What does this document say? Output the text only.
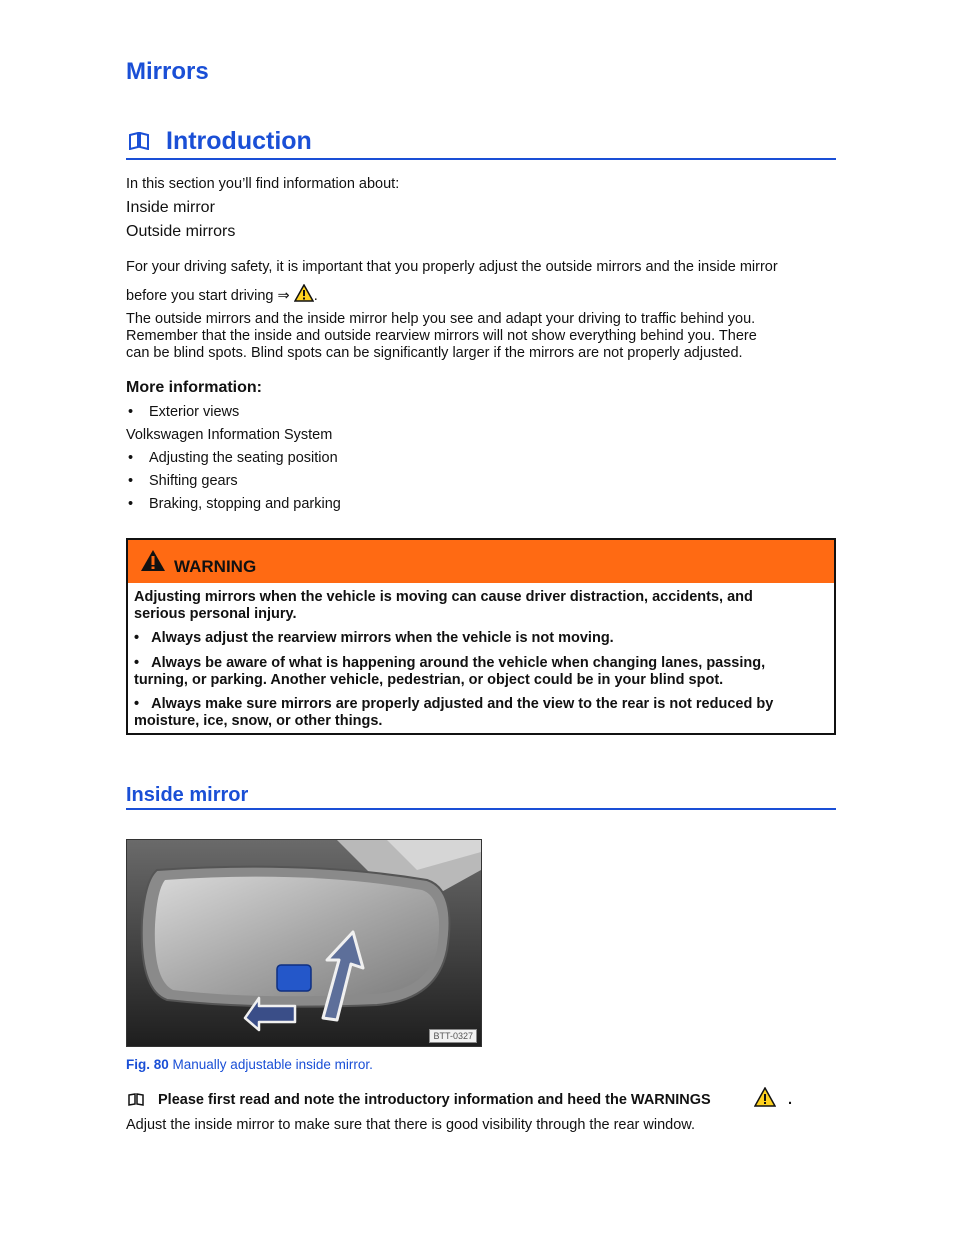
Mirrors
Introduction

In this section you’ll find information about:

Inside mirror
Outside mirrors

For your driving safety, it is important that you properly adjust the outside mirrors and the inside mirror

before you start driving ⇒ .

The outside mirrors and the inside mirror help you see and adapt your driving to traffic behind you.

Remember that the inside and outside rearview mirrors will not show everything behind you. There

can be blind spots. Blind spots can be significantly larger if the mirrors are not properly adjusted.

More information:
• Exterior views
Volkswagen Information System
• Adjusting the seating position
• Shifting gears
• Braking, stopping and parking
WARNING

Adjusting mirrors when the vehicle is moving can cause driver distraction, accidents, and

serious personal injury.

• Always adjust the rearview mirrors when the vehicle is not moving.
• Always be aware of what is happening around the vehicle when changing lanes, passing,

turning, or parking. Another vehicle, pedestrian, or object could be in your blind spot.

• Always make sure mirrors are properly adjusted and the view to the rear is not reduced by

moisture, ice, snow, or other things.

Inside mirror
BTT-0327
Fig. 80 Manually adjustable inside mirror.
Please first read and note the introductory information and heed the WARNINGS	.

Adjust the inside mirror to make sure that there is good visibility through the rear window.
